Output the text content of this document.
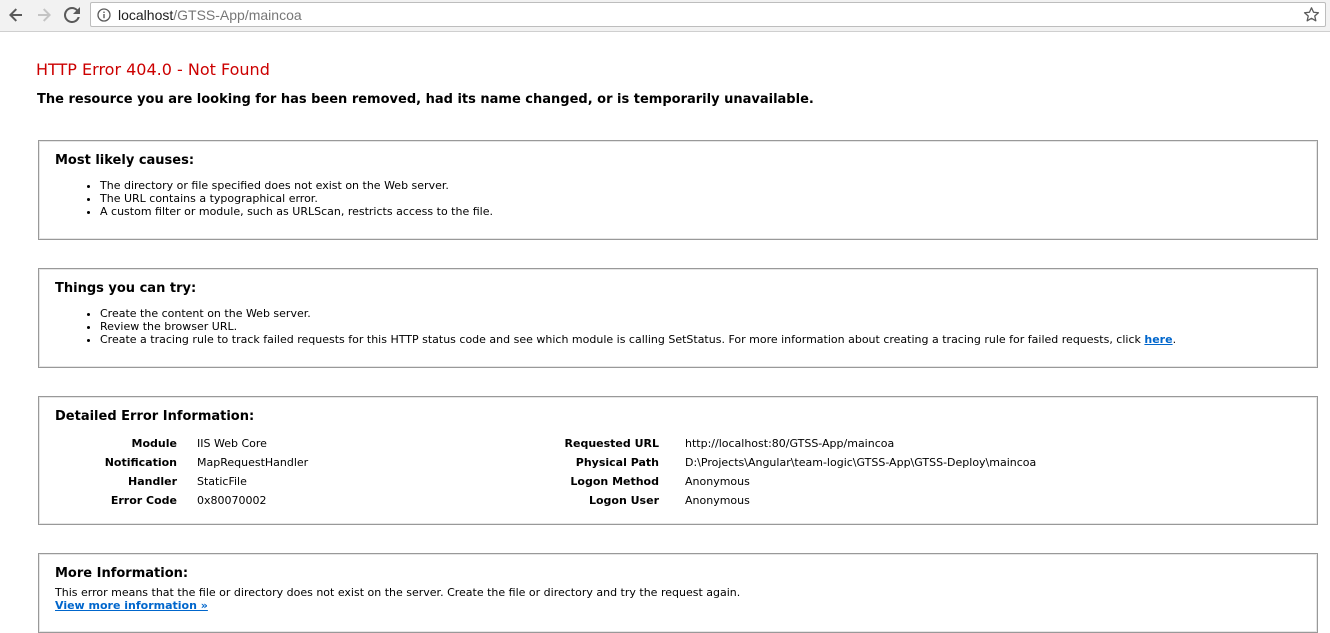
localhost/GTSS-App/maincoa
HTTP Error 404.0 - Not Found
The resource you are looking for has been removed, had its name changed, or is temporarily unavailable.
Most likely causes:
• The directory or file specified does not exist on the Web server.
• The URL contains a typographical error.
• A custom filter or module, such as URLScan, restricts access to the file.
Things you can try:
• Create the content on the Web server.
• Review the browser URL.
• Create a tracing rule to track failed requests for this HTTP status code and see which module is calling SetStatus. For more information about creating a tracing rule for failed requests, click here.
Detailed Error Information:
Module IIS Web Core
Notification MapRequestHandler
Handler StaticFile
Error Code 0x80070002
Requested URL http://localhost:80/GTSS-App/maincoa
Physical Path D:\Projects\Angular\team-logic\GTSS-App\GTSS-Deploy\maincoa
Logon Method Anonymous
Logon User Anonymous
More Information:
This error means that the file or directory does not exist on the server. Create the file or directory and try the request again.
View more information »
